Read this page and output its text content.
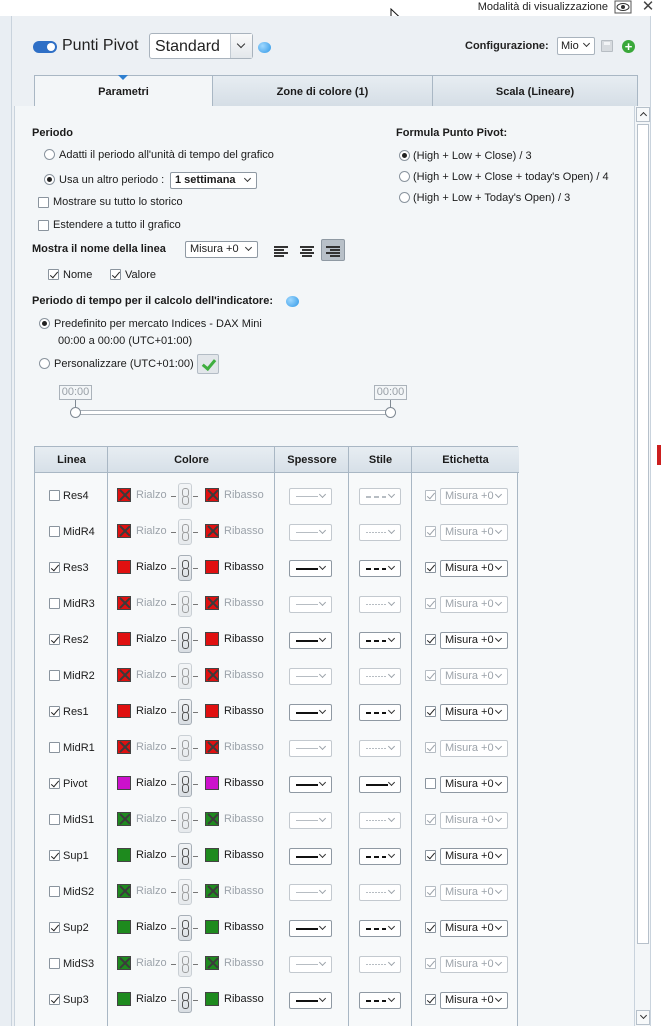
Modalità di visualizzazione ✕
Punti Pivot Standard	Configurazione: Mio	+
Parametri	Zone di colore (1)	Scala (Lineare)
Periodo
Adatti il periodo all'unità di tempo del grafico
Usa un altro periodo : 1 settimana
Mostrare su tutto lo storico
Estendere a tutto il grafico
Formula Punto Pivot:
(High + Low + Close) / 3
(High + Low + Close + today's Open) / 4
(High + Low + Today's Open) / 3
Mostra il nome della linea Misura +0
Nome	Valore
Periodo di tempo per il calcolo dell'indicatore:
Predefinito per mercato Indices - DAX Mini
00:00 a 00:00 (UTC+01:00)
Personalizzare (UTC+01:00)
00:00	00:00
Linea	Colore	Spessore	Stile	Etichetta
Res4	Rialzo	Ribasso	Misura +0
MidR4	Rialzo	Ribasso	Misura +0
Res3	Rialzo	Ribasso	Misura +0
MidR3	Rialzo	Ribasso	Misura +0
Res2	Rialzo	Ribasso	Misura +0
MidR2	Rialzo	Ribasso	Misura +0
Res1	Rialzo	Ribasso	Misura +0
MidR1	Rialzo	Ribasso	Misura +0
Pivot	Rialzo	Ribasso	Misura +0
MidS1	Rialzo	Ribasso	Misura +0
Sup1	Rialzo	Ribasso	Misura +0
MidS2	Rialzo	Ribasso	Misura +0
Sup2	Rialzo	Ribasso	Misura +0
MidS3	Rialzo	Ribasso	Misura +0
Sup3	Rialzo	Ribasso	Misura +0
